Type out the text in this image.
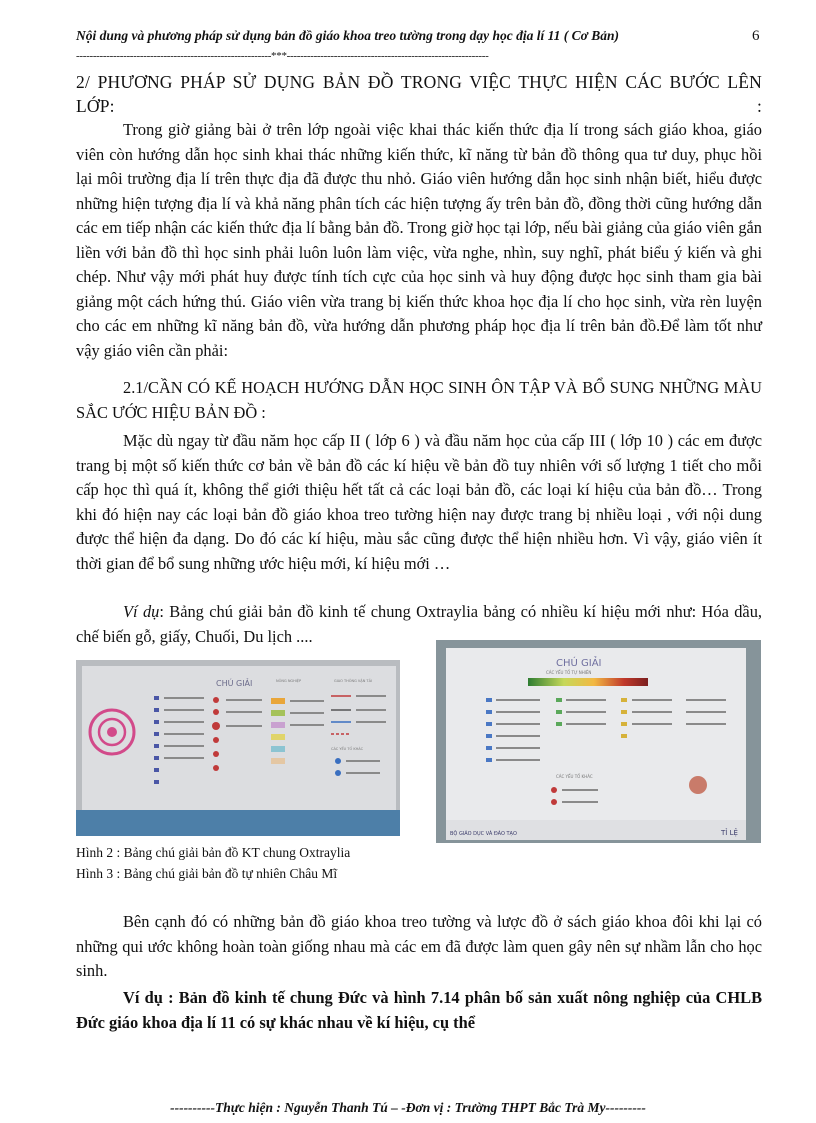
Nội dung và phương pháp sử dụng bản đồ giáo khoa treo tường trong dạy học địa lí 11 ( Cơ Bản)	6
----------------------------------------------------------***------------------------------------------------------------
2/ PHƯƠNG PHÁP SỬ DỤNG BẢN ĐỒ TRONG VIỆC THỰC HIỆN CÁC BƯỚC LÊN LỚP:	:

Trong giờ giảng bài ở trên lớp ngoài việc khai thác kiến thức địa lí trong sách giáo khoa, giáo viên còn hướng dẫn học sinh khai thác những kiến thức, kĩ năng từ bản đồ thông qua tư duy, phục hồi lại môi trường địa lí trên thực địa đã được thu nhỏ. Giáo viên hướng dẫn học sinh nhận biết, hiểu được những hiện tượng địa lí và khả năng phân tích các hiện tượng ấy trên bản đồ, đồng thời cũng hướng dẫn các em tiếp nhận các kiến thức địa lí bằng bản đồ. Trong giờ học tại lớp, nếu bài giảng của giáo viên gắn liền với bản đồ thì học sinh phải luôn luôn làm việc, vừa nghe, nhìn, suy nghĩ, phát biểu ý kiến và ghi chép. Như vậy mới phát huy được tính tích cực của học sinh và huy động được học sinh tham gia bài giảng một cách hứng thú. Giáo viên vừa trang bị kiến thức khoa học địa lí cho học sinh, vừa rèn luyện cho các em những kĩ năng bản đồ, vừa hướng dẫn phương pháp học địa lí trên bản đồ.Để làm tốt như vậy giáo viên cần phải:

2.1/CẦN CÓ KẾ HOẠCH HƯỚNG DẪN HỌC SINH ÔN TẬP VÀ BỔ SUNG NHỮNG MÀU SẮC ƯỚC HIỆU BẢN ĐỒ :

Mặc dù ngay từ đầu năm học cấp II ( lớp 6 ) và đầu năm học của cấp III ( lớp 10 ) các em được trang bị một số kiến thức cơ bản về bản đồ các kí hiệu về bản đồ tuy nhiên với số lượng 1 tiết cho mỗi cấp học thì quá ít, không thể giới thiệu hết tất cả các loại bản đồ, các loại kí hiệu của bản đồ… Trong khi đó hiện nay các loại bản đồ giáo khoa treo tường hiện nay được trang bị nhiều loại , với nội dung được thể hiện đa dạng. Do đó các kí hiệu, màu sắc cũng được thể hiện nhiều hơn. Vì vậy, giáo viên ít thời gian để bổ sung những ước hiệu mới, kí hiệu mới …

Ví dụ: Bảng chú giải bản đồ kinh tế chung Oxtraylia bảng có nhiều kí hiệu mới như: Hóa dầu, chế biến gỗ, giấy, Chuối, Du lịch ....
CHÚ GIẢI	NÔNG NGHIỆP	GIAO THÔNG VẬN TẢI
CÁC YẾU TỐ KHÁC
CHÚ GIẢI
CÁC YẾU TỐ TỰ NHIÊN
CÁC YẾU TỐ KHÁC
BỘ GIÁO DỤC VÀ ĐÀO TẠO	TỈ LỆ
Hình 2 : Bảng chú giải bản đồ KT chung Oxtraylia
Hình 3 : Bảng chú giải bản đồ tự nhiên Châu Mĩ

Bên cạnh đó có những bản đồ giáo khoa treo tường và lược đồ ở sách giáo khoa đôi khi lại có những qui ước không hoàn toàn giống nhau mà các em đã được làm quen gây nên sự nhầm lẫn cho học sinh.

Ví dụ : Bản đồ kinh tế chung Đức và hình 7.14 phân bố sản xuất nông nghiệp của CHLB Đức giáo khoa địa lí 11 có sự khác nhau về kí hiệu, cụ thể
----------Thực hiện : Nguyễn Thanh Tú – -Đơn vị : Trường THPT Bắc Trà My---------
